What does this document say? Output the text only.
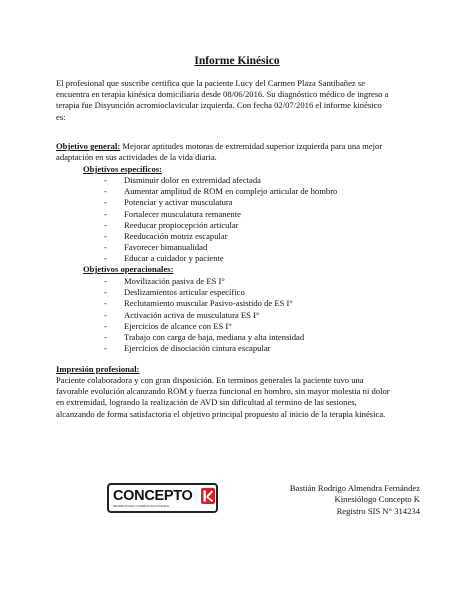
Informe Kinésico
El profesional que suscribe certifica que la paciente Lucy del Carmen Plaza Santibañez se
encuentra en terapia kinésica domiciliaria desde 08/06/2016. Su diagnóstico médico de ingreso a
terapia fue Disyunción acromioclavicular izquierda. Con fecha 02/07/2016 el informe kinésico
es:
Objetivo general: Mejorar aptitudes motoras de extremidad superior izquierda para una mejor
adaptación en sus actividades de la vida diaria.
Objetivos específicos:
- Disminuir dolor en extremidad afectada
- Aumentar amplitud de ROM en complejo articular de hombro
- Potenciar y activar musculatura
- Fortalecer musculatura remanente
- Reeducar propiocepción articular
- Reeducación motriz escapular
- Favorecer bimanualidad
- Educar a cuidador y paciente
Objetivos operacionales:
- Movilización pasiva de ES I°
- Deslizamientos articular específico
- Reclutamiento muscular Pasivo-asistido de ES I°
- Activación activa de musculatura ES I°
- Ejercicios de alcance con ES I°
- Trabajo con carga de baja, mediana y alta intensidad
- Ejercicios de disociación cintura escapular
Impresión profesional:
Paciente colaboradora y con gran disposición. En terminos generales la paciente tuvo una
favorable evolución alcanzando ROM y fuerza funcional en hombro, sin mayor molestia ni dolor
en extremidad, logrando la realización de AVD sin dificultad al termino de las sesiones,
alcanzando de forma satisfactoria el objetivo principal propuesto al inicio de la terapia kinésica.
CONCEPTO
REHABILITACIÓN Y KINESIOLOGÍA INTEGRAL
Bastián Rodrigo Almendra Fernández
Kinesiólogo Concepto K
Registro SIS N° 314234
